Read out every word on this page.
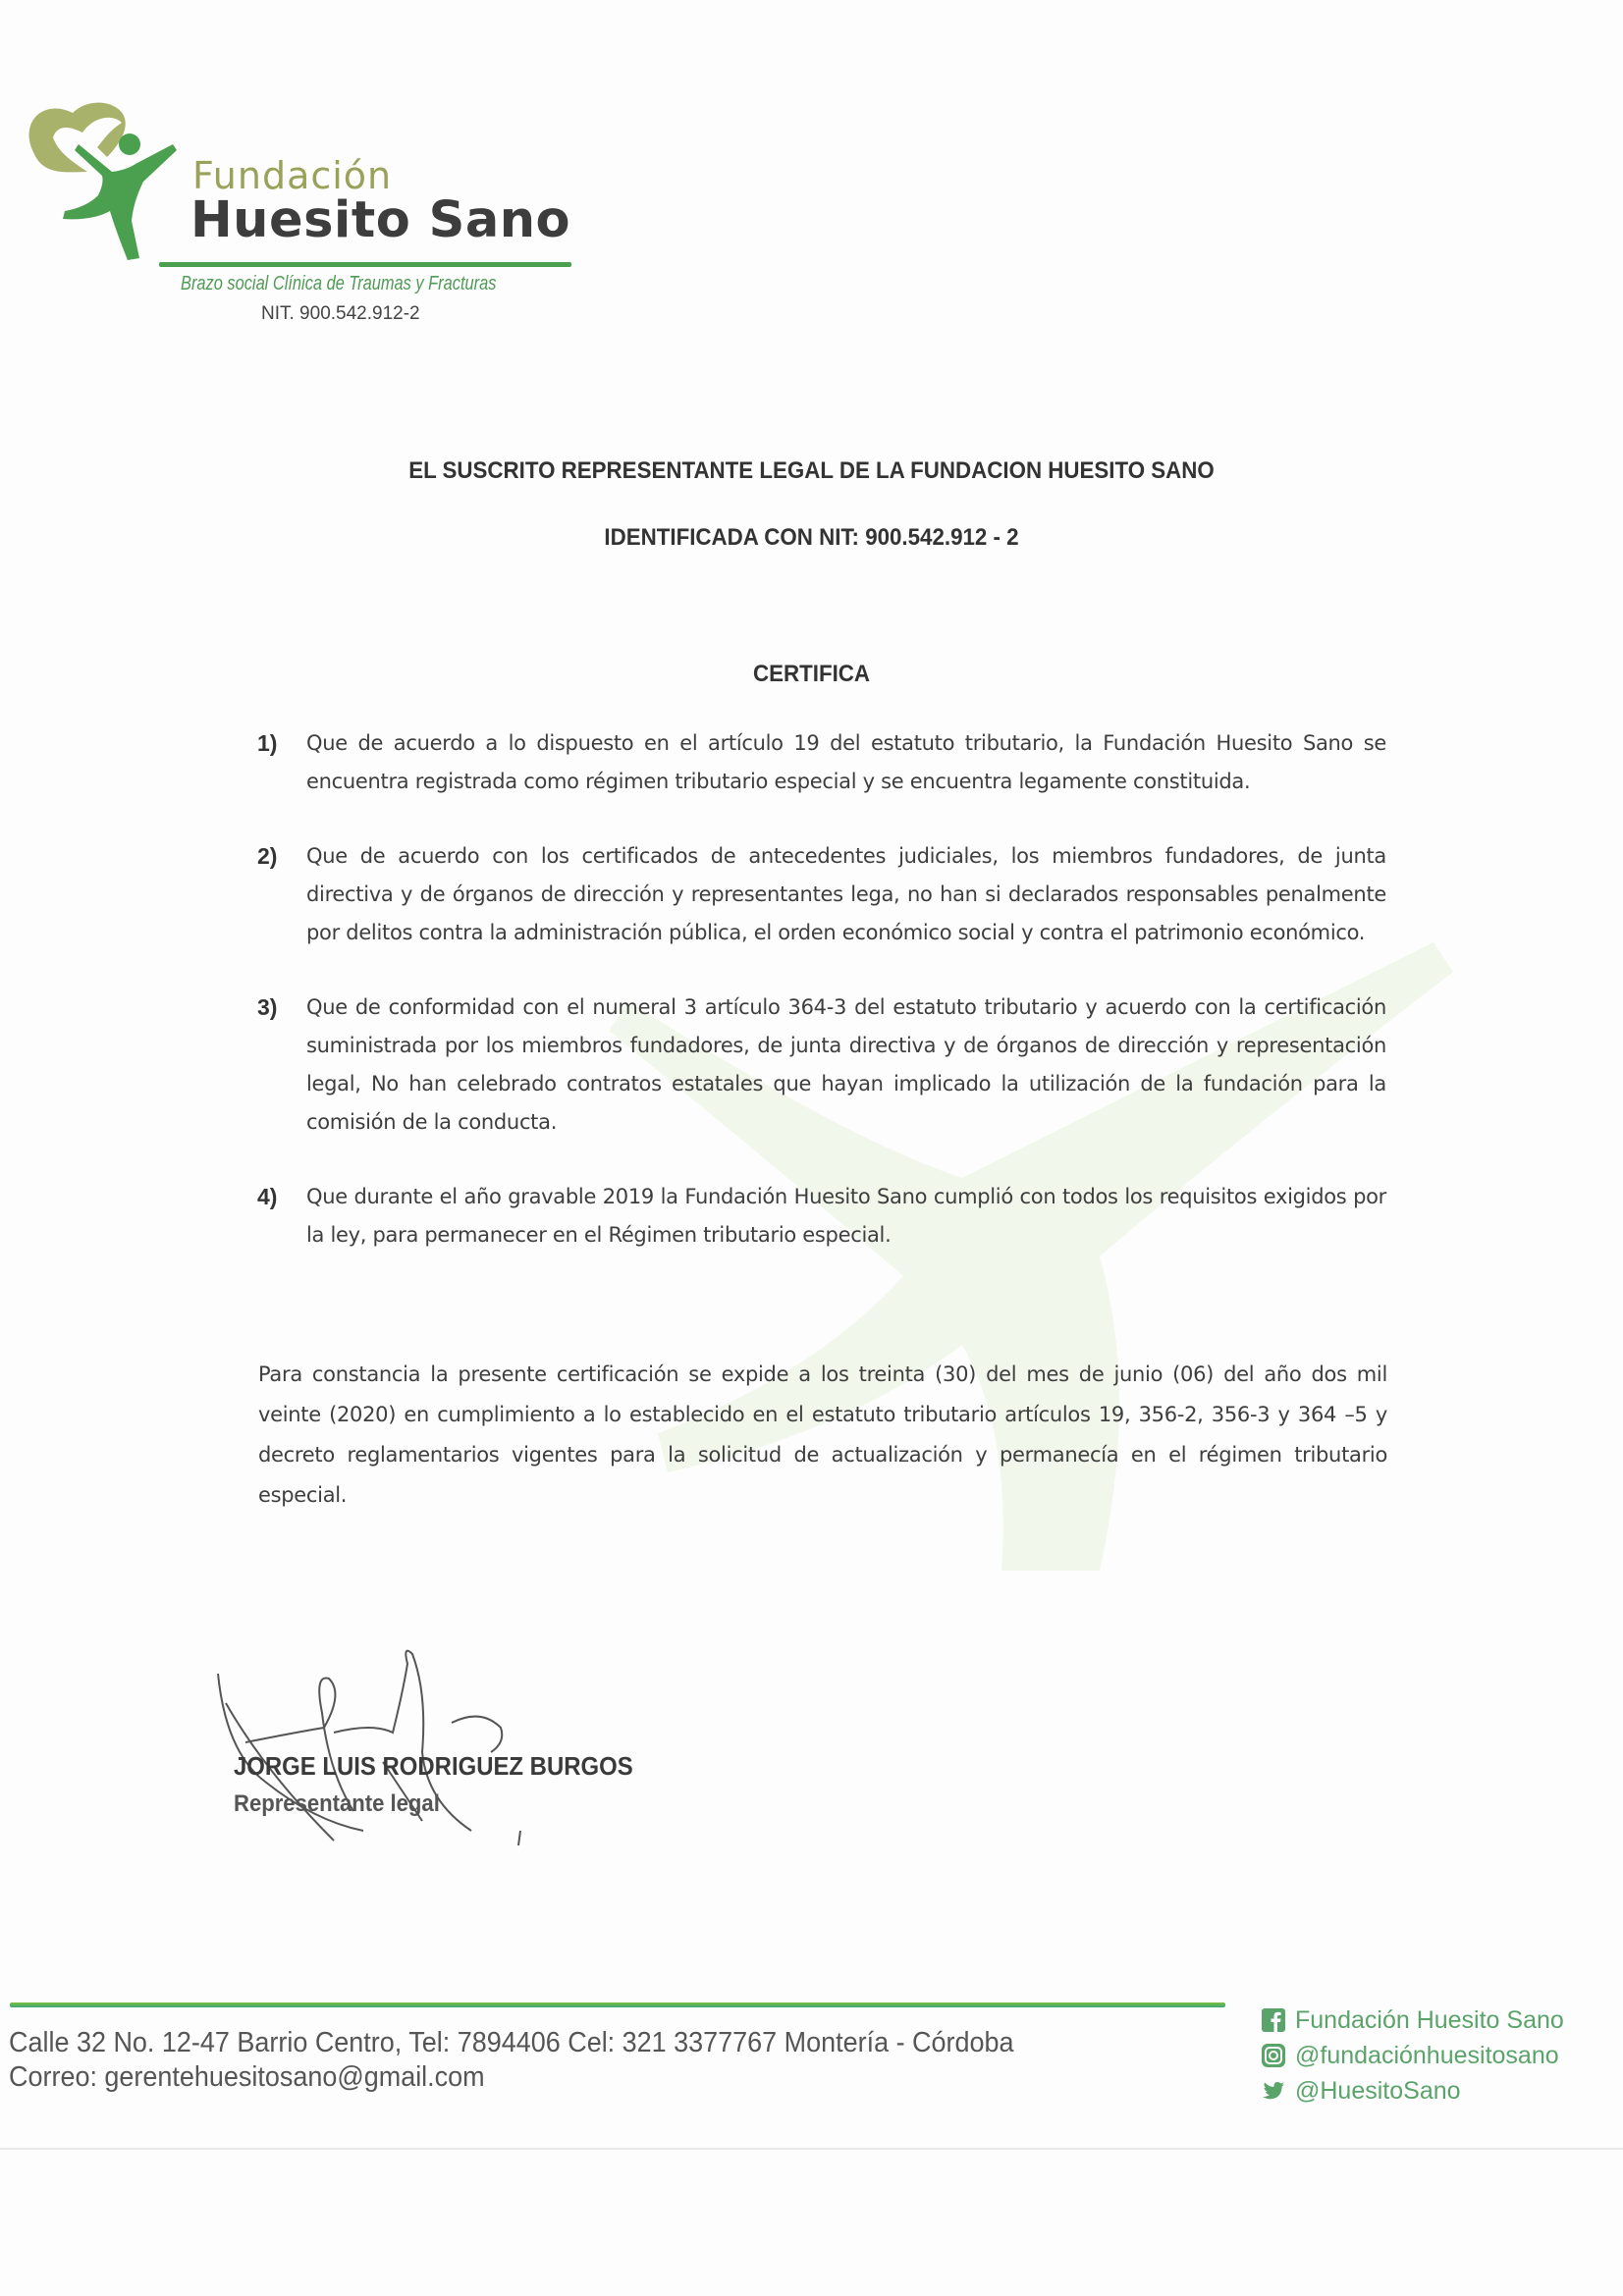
Fundación
Huesito Sano
Brazo social Clínica de Traumas y Fracturas
NIT. 900.542.912-2
EL SUSCRITO REPRESENTANTE LEGAL DE LA FUNDACION HUESITO SANO
IDENTIFICADA CON NIT: 900.542.912 - 2
CERTIFICA
1)	Que de acuerdo a lo dispuesto en el artículo 19 del estatuto tributario, la Fundación Huesito Sano se encuentra registrada como régimen tributario especial y se encuentra legamente constituida.
2)	Que de acuerdo con los certificados de antecedentes judiciales, los miembros fundadores, de junta directiva y de órganos de dirección y representantes lega, no han si declarados responsables penalmente por delitos contra la administración pública, el orden económico social y contra el patrimonio económico.
3)	Que de conformidad con el numeral 3 artículo 364-3 del estatuto tributario y acuerdo con la certificación suministrada por los miembros fundadores, de junta directiva y de órganos de dirección y representación legal, No han celebrado contratos estatales que hayan implicado la utilización de la fundación para la comisión de la conducta.
4)	Que durante el año gravable 2019 la Fundación Huesito Sano cumplió con todos los requisitos exigidos por la ley, para permanecer en el Régimen tributario especial.
Para constancia la presente certificación se expide a los treinta (30) del mes de junio (06) del año dos mil veinte (2020) en cumplimiento a lo establecido en el estatuto tributario artículos 19, 356-2, 356-3 y 364 –5 y decreto reglamentarios vigentes para la solicitud de actualización y permanecía en el régimen tributario especial.
JORGE LUIS RODRIGUEZ BURGOS
Representante legal
Calle 32 No. 12-47 Barrio Centro, Tel: 7894406 Cel: 321 3377767 Montería - Córdoba
Correo: gerentehuesitosano@gmail.com
Fundación Huesito Sano
@fundaciónhuesitosano
@HuesitoSano
